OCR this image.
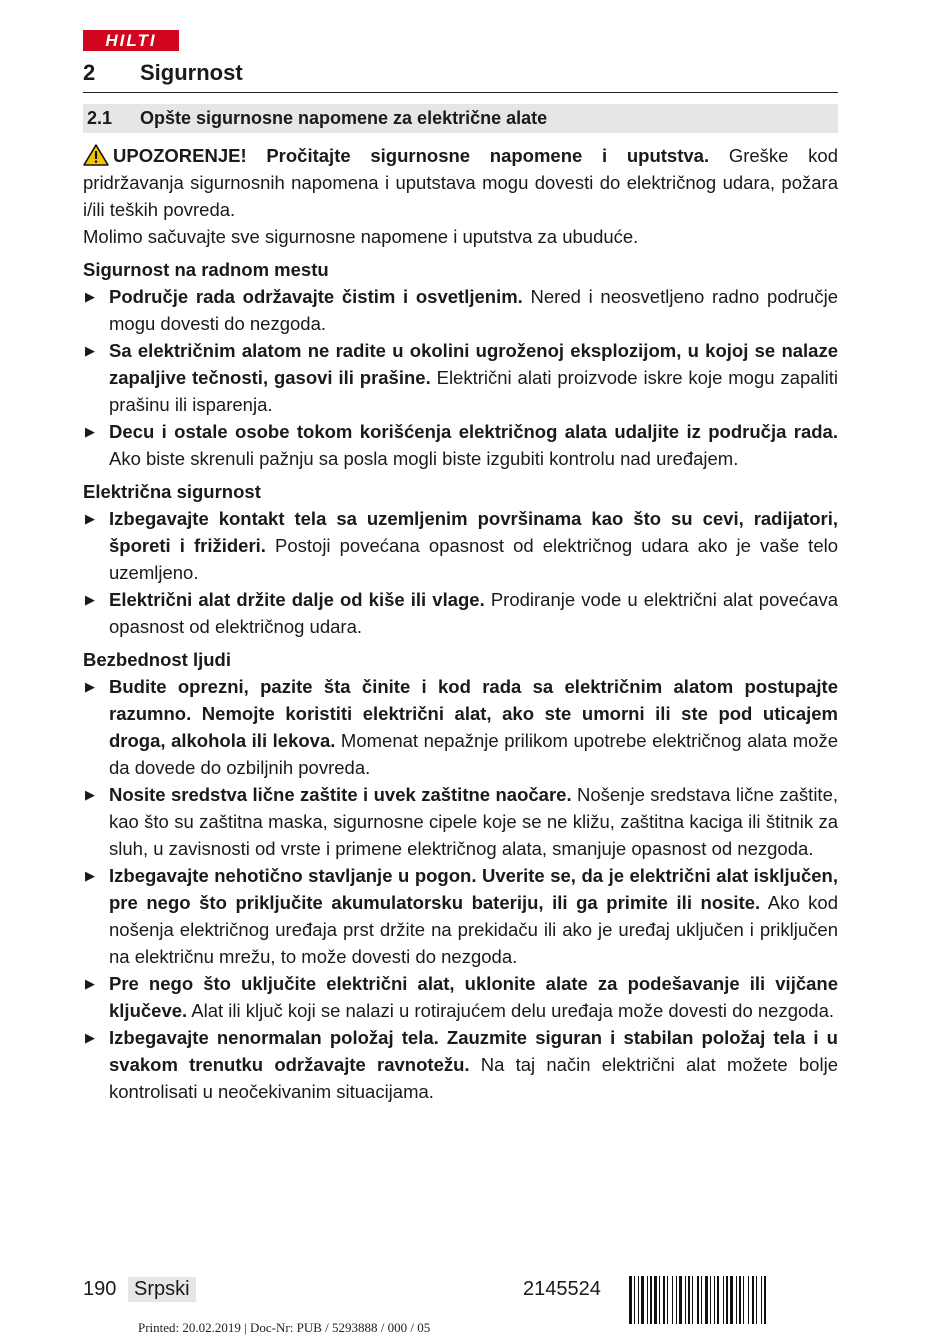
HILTI
2 Sigurnost
2.1 Opšte sigurnosne napomene za električne alate
UPOZORENJE! Pročitajte sigurnosne napomene i uputstva. Greške kod pridržavanja sigurnosnih napomena i uputstava mogu dovesti do električnog udara, požara i/ili teških povreda.
Molimo sačuvajte sve sigurnosne napomene i uputstva za ubuduće.
Sigurnost na radnom mestu
▶ Područje rada održavajte čistim i osvetljenim. Nered i neosvetljeno radno područje mogu dovesti do nezgoda.
▶ Sa električnim alatom ne radite u okolini ugroženoj eksplozijom, u kojoj se nalaze zapaljive tečnosti, gasovi ili prašine. Električni alati proizvode iskre koje mogu zapaliti prašinu ili isparenja.
▶ Decu i ostale osobe tokom korišćenja električnog alata udaljite iz područja rada. Ako biste skrenuli pažnju sa posla mogli biste izgubiti kontrolu nad uređajem.
Električna sigurnost
▶ Izbegavajte kontakt tela sa uzemljenim površinama kao što su cevi, radijatori, šporeti i frižideri. Postoji povećana opasnost od električnog udara ako je vaše telo uzemljeno.
▶ Električni alat držite dalje od kiše ili vlage. Prodiranje vode u električni alat povećava opasnost od električnog udara.
Bezbednost ljudi
▶ Budite oprezni, pazite šta činite i kod rada sa električnim alatom postupajte razumno. Nemojte koristiti električni alat, ako ste umorni ili ste pod uticajem droga, alkohola ili lekova. Momenat nepažnje prilikom upotrebe električnog alata može da dovede do ozbiljnih povreda.
▶ Nosite sredstva lične zaštite i uvek zaštitne naočare. Nošenje sredstava lične zaštite, kao što su zaštitna maska, sigurnosne cipele koje se ne kližu, zaštitna kaciga ili štitnik za sluh, u zavisnosti od vrste i primene električnog alata, smanjuje opasnost od nezgoda.
▶ Izbegavajte nehotično stavljanje u pogon. Uverite se, da je električni alat isključen, pre nego što priključite akumulatorsku bateriju, ili ga primite ili nosite. Ako kod nošenja električnog uređaja prst držite na prekidaču ili ako je uređaj uključen i priključen na električnu mrežu, to može dovesti do nezgoda.
▶ Pre nego što uključite električni alat, uklonite alate za podešavanje ili vijčane ključeve. Alat ili ključ koji se nalazi u rotirajućem delu uređaja može dovesti do nezgoda.
▶ Izbegavajte nenormalan položaj tela. Zauzmite siguran i stabilan položaj tela i u svakom trenutku održavajte ravnotežu. Na taj način električni alat možete bolje kontrolisati u neočekivanim situacijama.
190 Srpski	2145524
Printed: 20.02.2019 | Doc-Nr: PUB / 5293888 / 000 / 05
